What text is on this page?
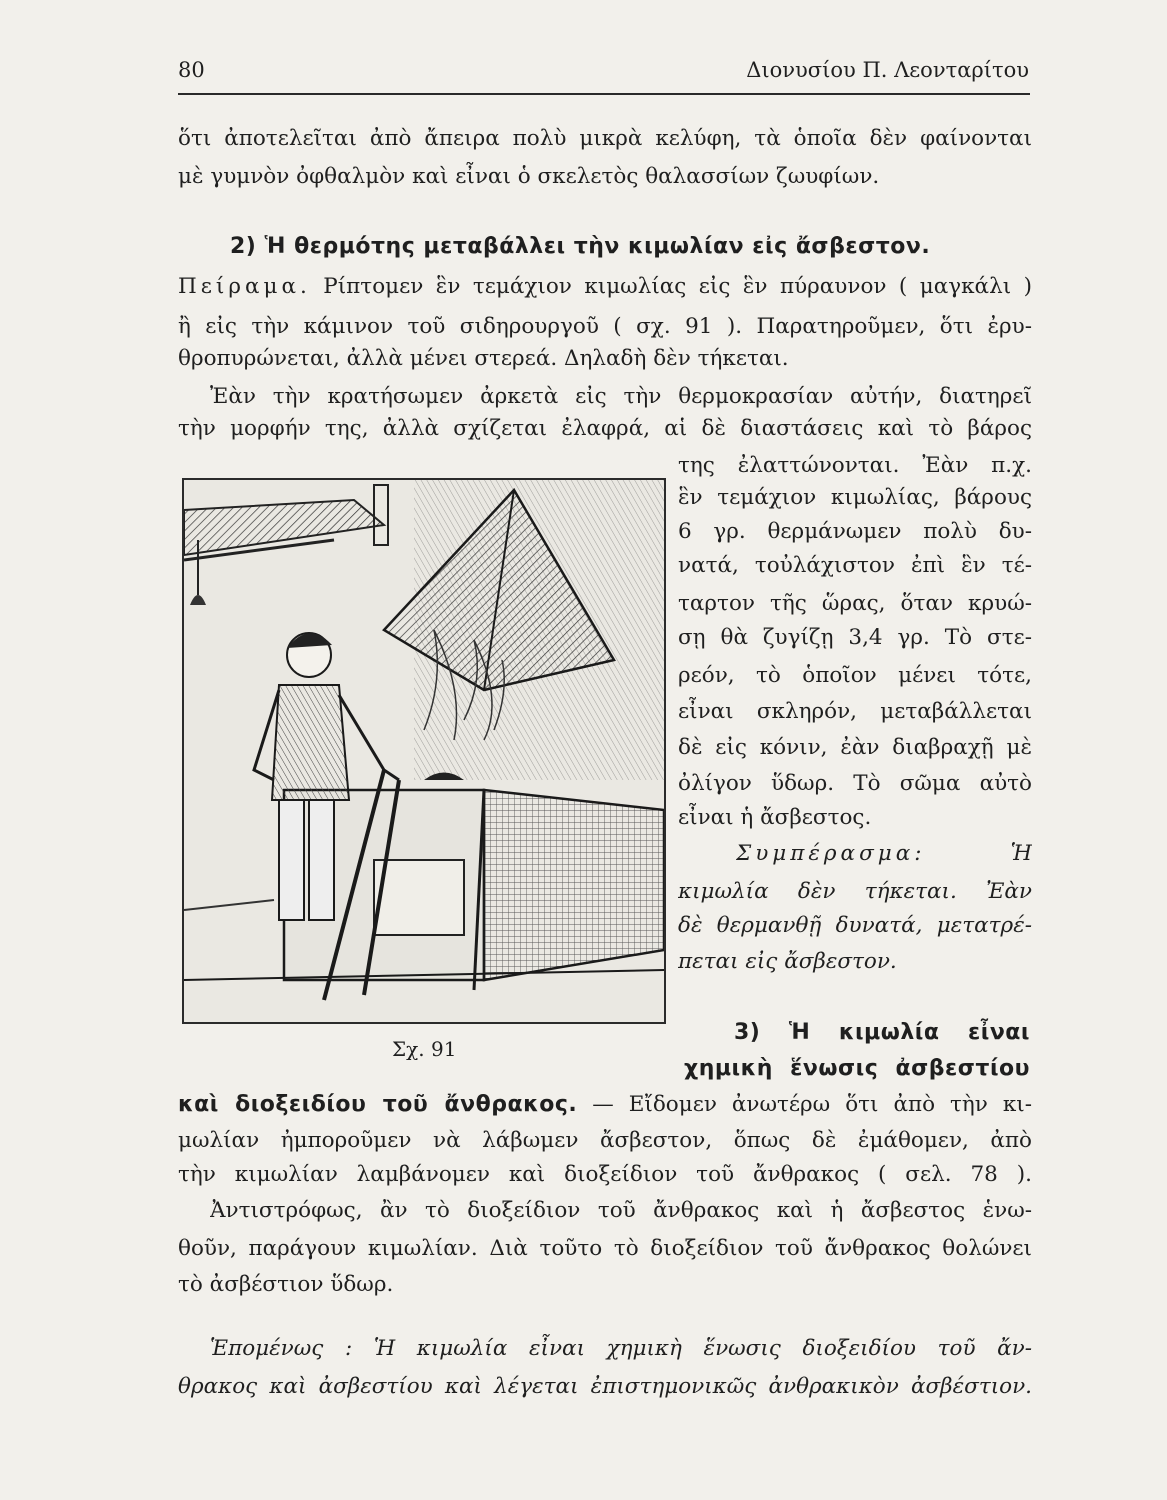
80	Διονυσίου Π. Λεονταρίτου
ὅτι ἀποτελεῖται ἀπὸ ἄπειρα πολὺ μικρὰ κελύφη, τὰ ὁποῖα δὲν φαίνονται
μὲ γυμνὸν ὀφθαλμὸν καὶ εἶναι ὁ σκελετὸς θαλασσίων ζωυφίων.
2) Ἡ θερμότης μεταβάλλει τὴν κιμωλίαν εἰς ἄσβεστον.
Πείραμα. Ρίπτομεν ἓν τεμάχιον κιμωλίας εἰς ἓν πύραυνον ( μαγκάλι )
ἢ εἰς τὴν κάμινον τοῦ σιδηρουργοῦ ( σχ. 91 ). Παρατηροῦμεν, ὅτι ἐρυ-
θροπυρώνεται, ἀλλὰ μένει στερεά. Δηλαδὴ δὲν τήκεται.
Ἐὰν τὴν κρατήσωμεν ἀρκετὰ εἰς τὴν θερμοκρασίαν αὐτήν, διατηρεῖ
τὴν μορφήν της, ἀλλὰ σχίζεται ἐλαφρά, αἱ δὲ διαστάσεις καὶ τὸ βάρος
της ἐλαττώνονται. Ἐὰν π.χ.
ἓν τεμάχιον κιμωλίας, βάρους
6 γρ. θερμάνωμεν πολὺ δυ-
νατά, τοὐλάχιστον ἐπὶ ἓν τέ-
ταρτον τῆς ὥρας, ὅταν κρυώ-
σῃ θὰ ζυγίζῃ 3,4 γρ. Τὸ στε-
ρεόν, τὸ ὁποῖον μένει τότε,
εἶναι σκληρόν, μεταβάλλεται
δὲ εἰς κόνιν, ἐὰν διαβραχῇ μὲ
ὀλίγον ὕδωρ. Τὸ σῶμα αὐτὸ
εἶναι ἡ ἄσβεστος.
Συμπέρασμα:	Ἡ
κιμωλία δὲν τήκεται. Ἐὰν
δὲ θερμανθῇ δυνατά, μετατρέ-
πεται εἰς ἄσβεστον.
Σχ. 91
3) Ἡ κιμωλία εἶναι
χημικὴ ἕνωσις ἀσβεστίου
καὶ διοξειδίου τοῦ ἄνθρακος. — Εἴδομεν ἀνωτέρω ὅτι ἀπὸ τὴν κι-
μωλίαν ἠμποροῦμεν νὰ λάβωμεν ἄσβεστον, ὅπως δὲ ἐμάθομεν, ἀπὸ
τὴν κιμωλίαν λαμβάνομεν καὶ διοξείδιον τοῦ ἄνθρακος ( σελ. 78 ).
Ἀντιστρόφως, ἂν τὸ διοξείδιον τοῦ ἄνθρακος καὶ ἡ ἄσβεστος ἑνω-
θοῦν, παράγουν κιμωλίαν. Διὰ τοῦτο τὸ διοξείδιον τοῦ ἄνθρακος θολώνει
τὸ ἀσβέστιον ὕδωρ.
Ἑπομένως : Ἡ κιμωλία εἶναι χημικὴ ἕνωσις διοξειδίου τοῦ ἄν-
θρακος καὶ ἀσβεστίου καὶ λέγεται ἐπιστημονικῶς ἀνθρακικὸν ἀσβέστιον.
